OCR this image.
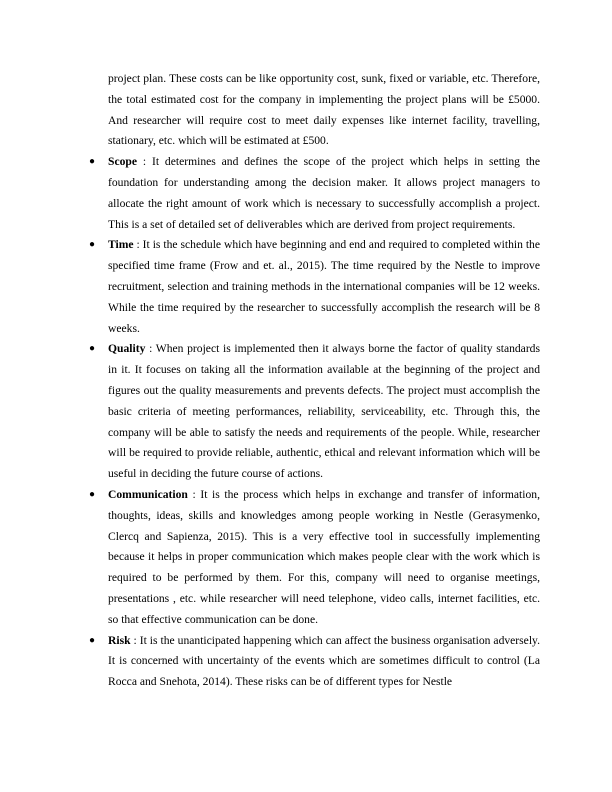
project plan. These costs can be like opportunity cost, sunk, fixed or variable, etc. Therefore, the total estimated cost for the company in implementing the project plans will be £5000. And researcher will require cost to meet daily expenses like internet facility, travelling, stationary, etc. which will be estimated at £500.

● Scope : It determines and defines the scope of the project which helps in setting the foundation for understanding among the decision maker. It allows project managers to allocate the right amount of work which is necessary to successfully accomplish a project. This is a set of detailed set of deliverables which are derived from project requirements.
● Time : It is the schedule which have beginning and end and required to completed within the specified time frame (Frow and et. al., 2015). The time required by the Nestle to improve recruitment, selection and training methods in the international companies will be 12 weeks. While the time required by the researcher to successfully accomplish the research will be 8 weeks.
● Quality : When project is implemented then it always borne the factor of quality standards in it. It focuses on taking all the information available at the beginning of the project and figures out the quality measurements and prevents defects. The project must accomplish the basic criteria of meeting performances, reliability, serviceability, etc. Through this, the company will be able to satisfy the needs and requirements of the people. While, researcher will be required to provide reliable, authentic, ethical and relevant information which will be useful in deciding the future course of actions.
● Communication : It is the process which helps in exchange and transfer of information, thoughts, ideas, skills and knowledges among people working in Nestle (Gerasymenko, Clercq and Sapienza, 2015). This is a very effective tool in successfully implementing because it helps in proper communication which makes people clear with the work which is required to be performed by them. For this, company will need to organise meetings, presentations , etc. while researcher will need telephone, video calls, internet facilities, etc. so that effective communication can be done.
● Risk : It is the unanticipated happening which can affect the business organisation adversely. It is concerned with uncertainty of the events which are sometimes difficult to control (La Rocca and Snehota, 2014). These risks can be of different types for Nestle
